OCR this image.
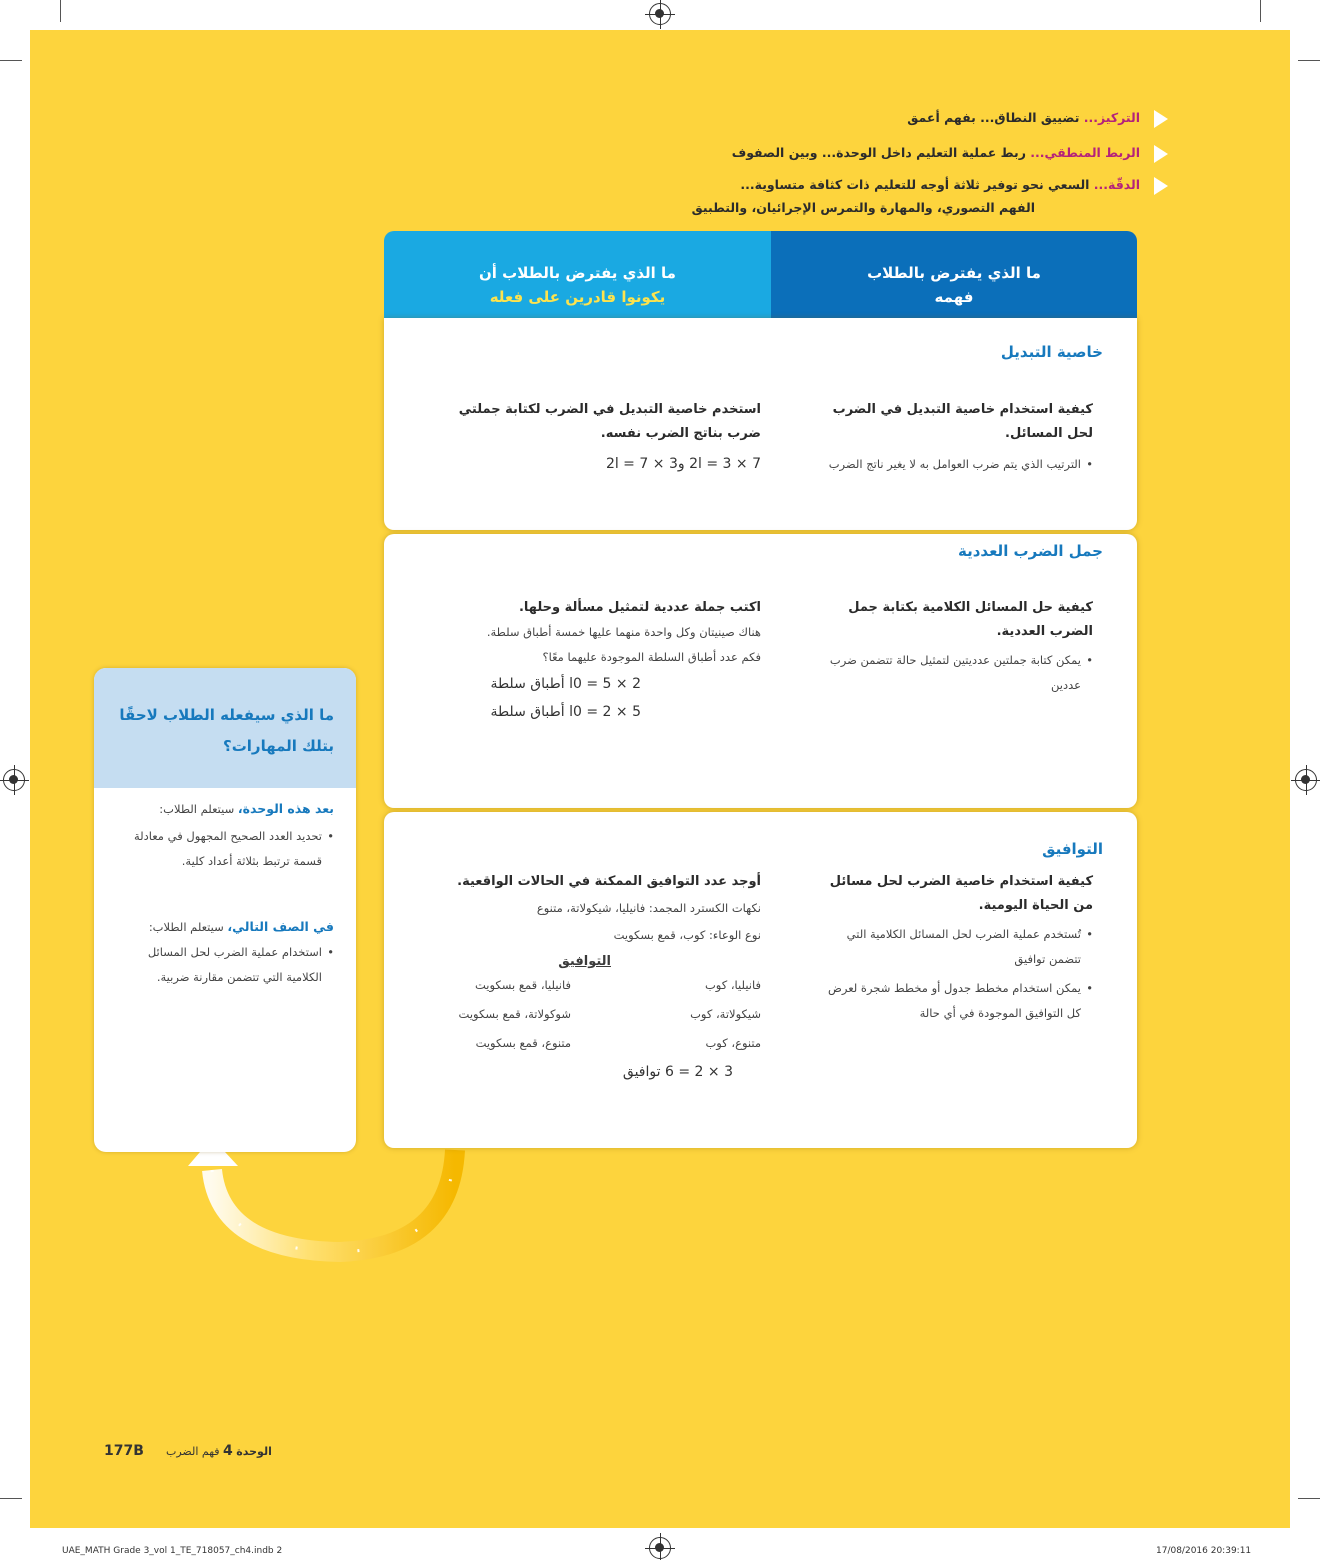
التركيز... تضييق النطاق... بفهم أعمق
الربط المنطقي... ربط عملية التعليم داخل الوحدة... وبين الصفوف
الدقّة... السعي نحو توفير ثلاثة أوجه للتعليم ذات كثافة متساوية...
الفهم التصوري، والمهارة والتمرس الإجرائيان، والتطبيق
ما الذي يفترض بالطلاب
فهمه
ما الذي يفترض بالطلاب أن
يكونوا قادرين على فعله
خاصية التبديل
كيفية استخدام خاصية التبديل في الضرب لحل المسائل.
• الترتيب الذي يتم ضرب العوامل به لا يغير ناتج الضرب
استخدم خاصية التبديل في الضرب لكتابة جملتي ضرب بناتج الضرب نفسه.
7 × 3 = 2l و3 × 7 = 2l
جمل الضرب العددية
كيفية حل المسائل الكلامية بكتابة جمل الضرب العددية.
• يمكن كتابة جملتين عدديتين لتمثيل حالة تتضمن ضرب عددين
اكتب جملة عددية لتمثيل مسألة وحلها.
هناك صينيتان وكل واحدة منهما عليها خمسة أطباق سلطة.
فكم عدد أطباق السلطة الموجودة عليهما معًا؟
2 × 5 = l0 أطباق سلطة
5 × 2 = l0 أطباق سلطة
التوافيق
كيفية استخدام خاصية الضرب لحل مسائل من الحياة اليومية.
• تُستخدم عملية الضرب لحل المسائل الكلامية التي تتضمن توافيق
• يمكن استخدام مخطط جدول أو مخطط شجرة لعرض كل التوافيق الموجودة في أي حالة
أوجد عدد التوافيق الممكنة في الحالات الواقعية.
نكهات الكسترد المجمد: فانيليا، شيكولاتة، متنوع
نوع الوعاء: كوب، قمع بسكويت
التوافيق
فانيليا، كوب
فانيليا، قمع بسكويت
شيكولاتة، كوب
شوكولاتة، قمع بسكويت
متنوع، كوب
متنوع، قمع بسكويت
3 × 2 = 6 توافيق
ما الذي سيفعله الطلاب لاحقًا بتلك المهارات؟
بعد هذه الوحدة، سيتعلم الطلاب:
• تحديد العدد الصحيح المجهول في معادلة قسمة ترتبط بثلاثة أعداد كلية.
في الصف التالي، سيتعلم الطلاب:
• استخدام عملية الضرب لحل المسائل الكلامية التي تتضمن مقارنة ضربية.
177B	الوحدة 4 فهم الضرب
UAE_MATH Grade 3_vol 1_TE_718057_ch4.indb 2	17/08/2016 20:39:11
